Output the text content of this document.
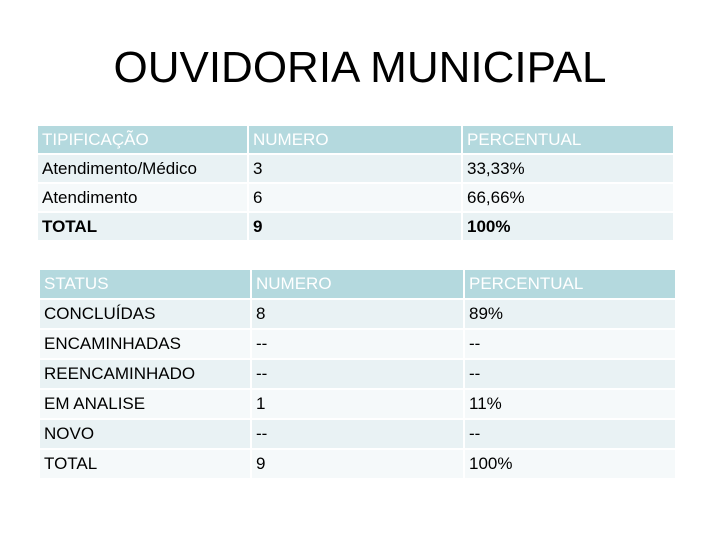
OUVIDORIA MUNICIPAL
TIPIFICAÇÃO	NUMERO	PERCENTUAL
Atendimento/Médico	3	33,33%
Atendimento	6	66,66%
TOTAL	9	100%
STATUS	NUMERO	PERCENTUAL
CONCLUÍDAS	8	89%
ENCAMINHADAS	--	--
REENCAMINHADO	--	--
EM ANALISE	1	11%
NOVO	--	--
TOTAL	9	100%
